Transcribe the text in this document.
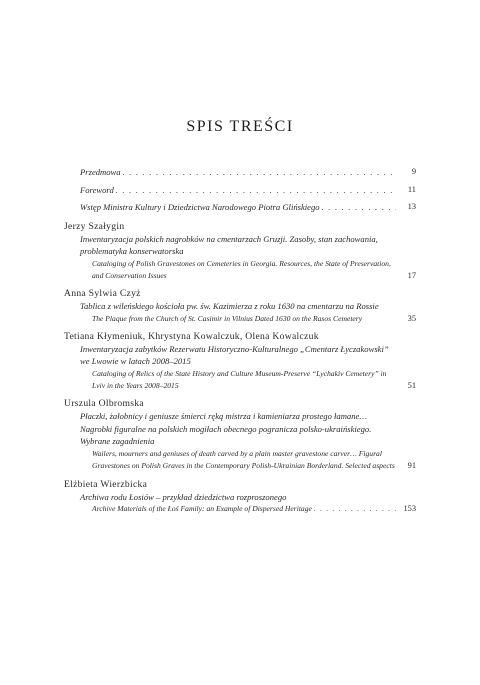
SPIS TREŚCI
Przedmowa . . .	9
Foreword . . .	11
Wstęp Ministra Kultury i Dziedzictwa Narodowego Piotra Glińskiego . . .	13
Jerzy Szałygin
Inwentaryzacja polskich nagrobków na cmentarzach Gruzji. Zasoby, stan zachowania, problematyka konserwatorska
Cataloging of Polish Gravestones on Cemeteries in Georgia. Resources, the State of Preservation, and Conservation Issues	17
Anna Sylwia Czyż
Tablica z wileńskiego kościoła pw. św. Kazimierza z roku 1630 na cmentarzu na Rossie
The Plaque from the Church of St. Casimir in Vilnius Dated 1630 on the Rasos Cemetery	35
Tetiana Kłymeniuk, Khrystyna Kowalczuk, Olena Kowalczuk
Inwentaryzacja zabytków Rezerwatu Historyczno-Kulturalnego „Cmentarz Łyczakowski” we Lwowie w latach 2008–2015
Cataloging of Relics of the State History and Culture Museum-Preserve “Lychakiv Cemetery” in Lviv in the Years 2008–2015	51
Urszula Olbromska
Płaczki, żałobnicy i geniusze śmierci ręką mistrza i kamieniarza prostego łamane… Nagrobki figuralne na polskich mogiłach obecnego pogranicza polsko-ukraińskiego. Wybrane zagadnienia
Wailers, mourners and geniuses of death carved by a plain master gravestone carver… Figural Gravestones on Polish Graves in the Contemporary Polish-Ukrainian Borderland. Selected aspects	91
Elżbieta Wierzbicka
Archiwa rodu Łosiów – przykład dziedzictwa rozproszonego
Archive Materials of the Łoś Family: an Example of Dispersed Heritage . . .	153
